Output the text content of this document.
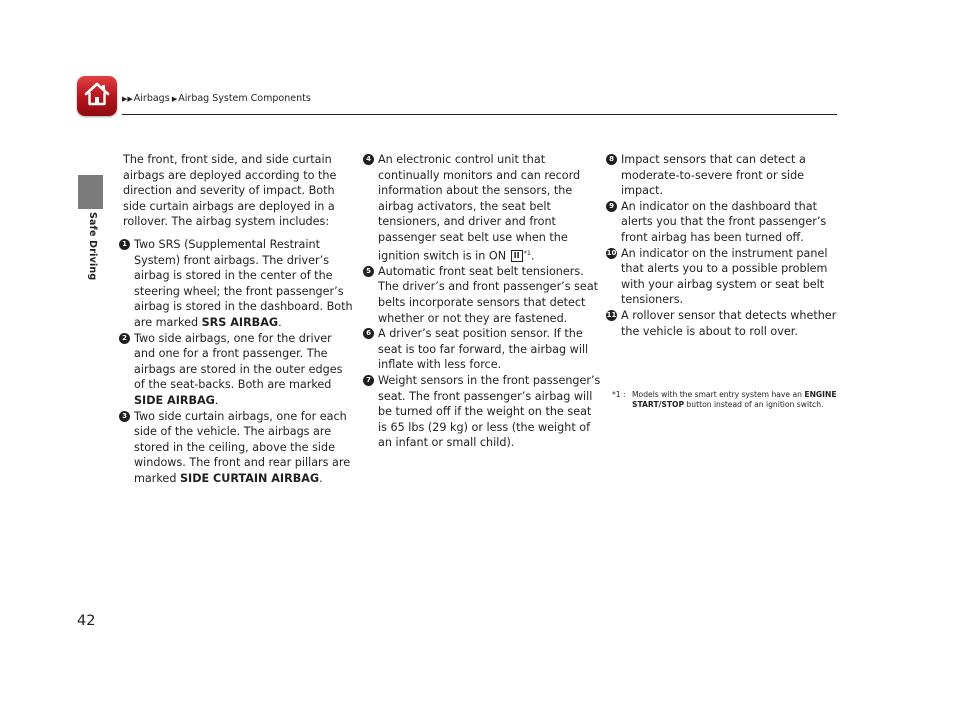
▶▶Airbags ▶Airbag System Components
Safe Driving

The front, front side, and side curtain airbags are deployed according to the direction and severity of impact. Both side curtain airbags are deployed in a rollover. The airbag system includes:

1 Two SRS (Supplemental Restraint System) front airbags. The driver’s airbag is stored in the center of the steering wheel; the front passenger’s airbag is stored in the dashboard. Both are marked SRS AIRBAG.

2 Two side airbags, one for the driver and one for a front passenger. The airbags are stored in the outer edges of the seat-backs. Both are marked SIDE AIRBAG.

3 Two side curtain airbags, one for each side of the vehicle. The airbags are stored in the ceiling, above the side windows. The front and rear pillars are marked SIDE CURTAIN AIRBAG.

4 An electronic control unit that continually monitors and can record information about the sensors, the airbag activators, the seat belt tensioners, and driver and front passenger seat belt use when the ignition switch is in ON II $^{*1}$.

5 Automatic front seat belt tensioners. The driver’s and front passenger’s seat belts incorporate sensors that detect whether or not they are fastened.

6 A driver’s seat position sensor. If the seat is too far forward, the airbag will inflate with less force.

7 Weight sensors in the front passenger’s seat. The front passenger’s airbag will be turned off if the weight on the seat is 65 lbs (29 kg) or less (the weight of an infant or small child).

8 Impact sensors that can detect a moderate-to-severe front or side impact.

9 An indicator on the dashboard that alerts you that the front passenger’s front airbag has been turned off.

10 An indicator on the instrument panel that alerts you to a possible problem with your airbag system or seat belt tensioners.

11 A rollover sensor that detects whether the vehicle is about to roll over.

*1 : Models with the smart entry system have an ENGINE START/STOP button instead of an ignition switch.
42
